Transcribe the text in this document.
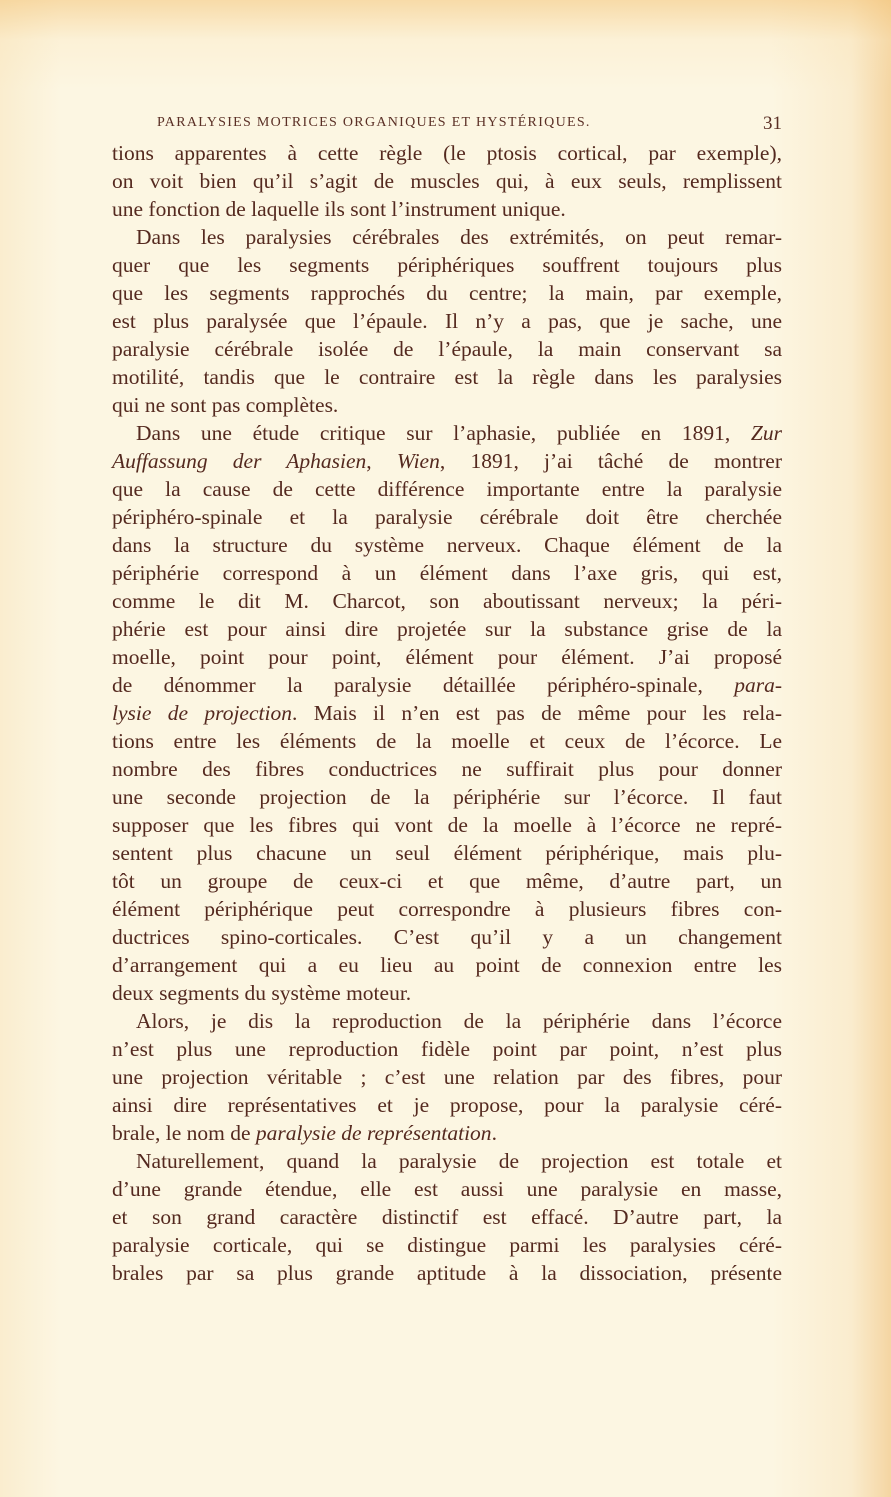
PARALYSIES MOTRICES ORGANIQUES ET HYSTÉRIQUES.	31
tions apparentes à cette règle (le ptosis cortical, par exemple),
on voit bien qu’il s’agit de muscles qui, à eux seuls, remplissent
une fonction de laquelle ils sont l’instrument unique.
Dans les paralysies cérébrales des extrémités, on peut remar-
quer que les segments périphériques souffrent toujours plus
que les segments rapprochés du centre; la main, par exemple,
est plus paralysée que l’épaule. Il n’y a pas, que je sache, une
paralysie cérébrale isolée de l’épaule, la main conservant sa
motilité, tandis que le contraire est la règle dans les paralysies
qui ne sont pas complètes.
Dans une étude critique sur l’aphasie, publiée en 1891, Zur
Auffassung der Aphasien, Wien, 1891, j’ai tâché de montrer
que la cause de cette différence importante entre la paralysie
périphéro-spinale et la paralysie cérébrale doit être cherchée
dans la structure du système nerveux. Chaque élément de la
périphérie correspond à un élément dans l’axe gris, qui est,
comme le dit M. Charcot, son aboutissant nerveux; la péri-
phérie est pour ainsi dire projetée sur la substance grise de la
moelle, point pour point, élément pour élément. J’ai proposé
de dénommer la paralysie détaillée périphéro-spinale, para-
lysie de projection. Mais il n’en est pas de même pour les rela-
tions entre les éléments de la moelle et ceux de l’écorce. Le
nombre des fibres conductrices ne suffirait plus pour donner
une seconde projection de la périphérie sur l’écorce. Il faut
supposer que les fibres qui vont de la moelle à l’écorce ne repré-
sentent plus chacune un seul élément périphérique, mais plu-
tôt un groupe de ceux-ci et que même, d’autre part, un
élément périphérique peut correspondre à plusieurs fibres con-
ductrices spino-corticales. C’est qu’il y a un changement
d’arrangement qui a eu lieu au point de connexion entre les
deux segments du système moteur.
Alors, je dis la reproduction de la périphérie dans l’écorce
n’est plus une reproduction fidèle point par point, n’est plus
une projection véritable ; c’est une relation par des fibres, pour
ainsi dire représentatives et je propose, pour la paralysie céré-
brale, le nom de paralysie de représentation.
Naturellement, quand la paralysie de projection est totale et
d’une grande étendue, elle est aussi une paralysie en masse,
et son grand caractère distinctif est effacé. D’autre part, la
paralysie corticale, qui se distingue parmi les paralysies céré-
brales par sa plus grande aptitude à la dissociation, présente
